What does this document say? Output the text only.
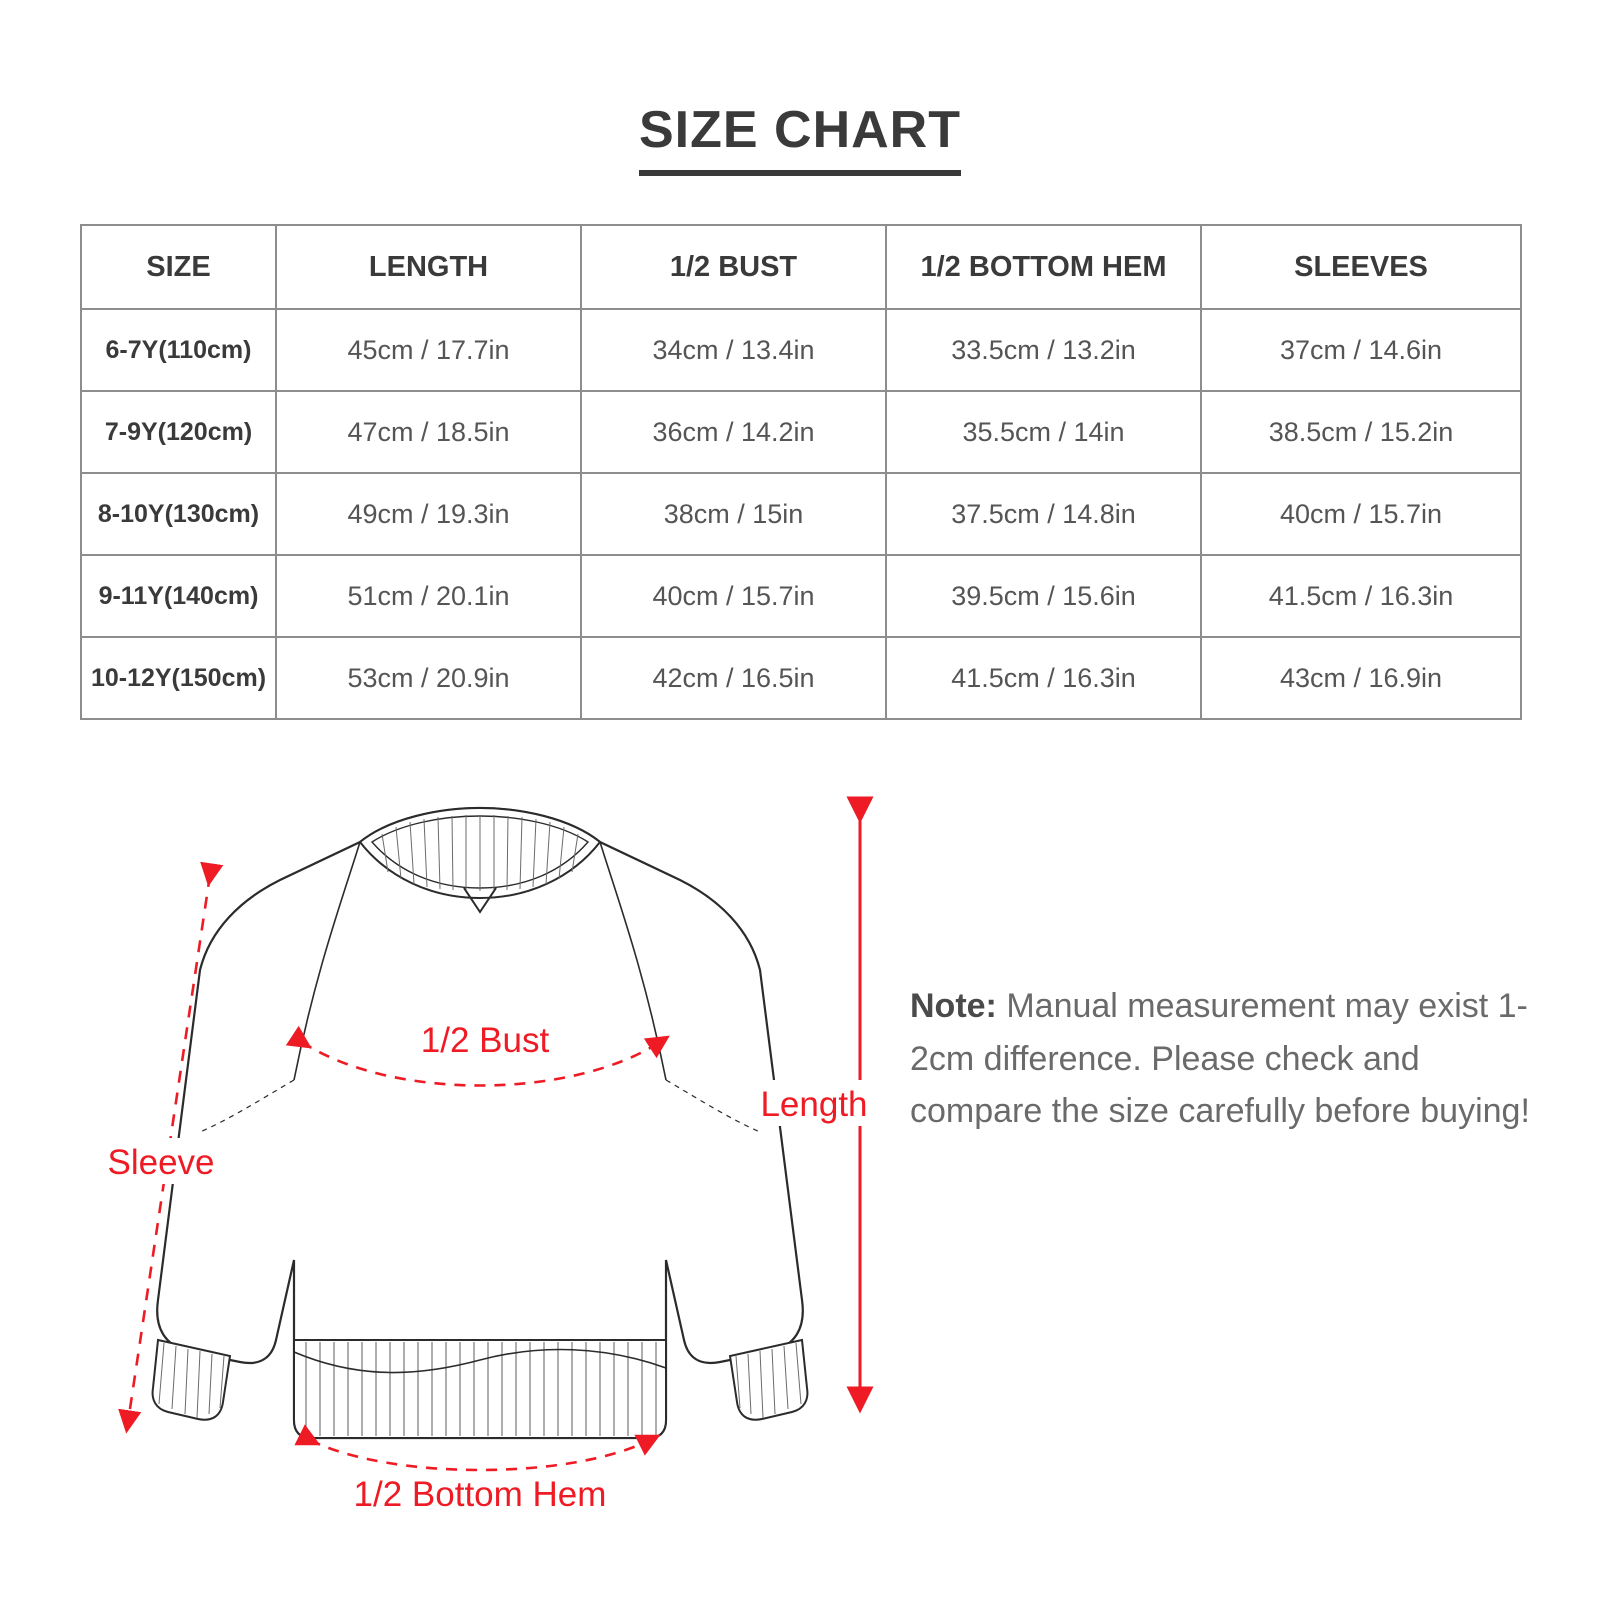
SIZE CHART
SIZE	LENGTH	1/2 BUST	1/2 BOTTOM HEM	SLEEVES
6-7Y(110cm)	45cm / 17.7in	34cm / 13.4in	33.5cm / 13.2in	37cm / 14.6in
7-9Y(120cm)	47cm / 18.5in	36cm / 14.2in	35.5cm / 14in	38.5cm / 15.2in
8-10Y(130cm)	49cm / 19.3in	38cm / 15in	37.5cm / 14.8in	40cm / 15.7in
9-11Y(140cm)	51cm / 20.1in	40cm / 15.7in	39.5cm / 15.6in	41.5cm / 16.3in
10-12Y(150cm)	53cm / 20.9in	42cm / 16.5in	41.5cm / 16.3in	43cm / 16.9in
1/2 Bust
Length
Sleeve
1/2 Bottom Hem
Note: Manual measurement may exist 1-2cm difference. Please check and compare the size carefully before buying!
